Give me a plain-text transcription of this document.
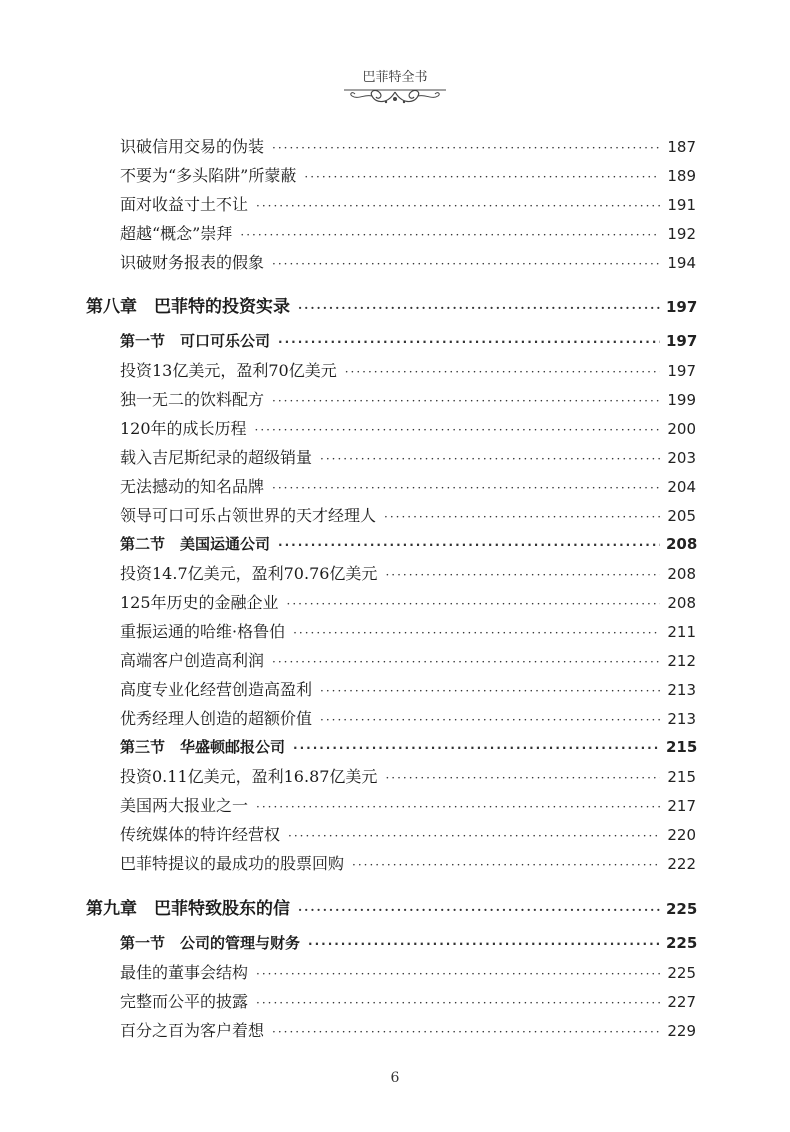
巴菲特全书
识破信用交易的伪装 ·····	187
不要为“多头陷阱”所蒙蔽 ·····	189
面对收益寸土不让 ·····	191
超越“概念”崇拜 ·····	192
识破财务报表的假象 ·····	194
第八章　巴菲特的投资实录 ·····	197
第一节　可口可乐公司 ·····	197
投资13亿美元，盈利70亿美元 ·····	197
独一无二的饮料配方 ·····	199
120年的成长历程 ·····	200
载入吉尼斯纪录的超级销量 ·····	203
无法撼动的知名品牌 ·····	204
领导可口可乐占领世界的天才经理人 ·····	205
第二节　美国运通公司 ·····	208
投资14.7亿美元，盈利70.76亿美元 ·····	208
125年历史的金融企业 ·····	208
重振运通的哈维·格鲁伯 ·····	211
高端客户创造高利润 ·····	212
高度专业化经营创造高盈利 ·····	213
优秀经理人创造的超额价值 ·····	213
第三节　华盛顿邮报公司 ·····	215
投资0.11亿美元，盈利16.87亿美元 ·····	215
美国两大报业之一 ·····	217
传统媒体的特许经营权 ·····	220
巴菲特提议的最成功的股票回购 ·····	222
第九章　巴菲特致股东的信 ·····	225
第一节　公司的管理与财务 ·····	225
最佳的董事会结构 ·····	225
完整而公平的披露 ·····	227
百分之百为客户着想 ·····	229
6
